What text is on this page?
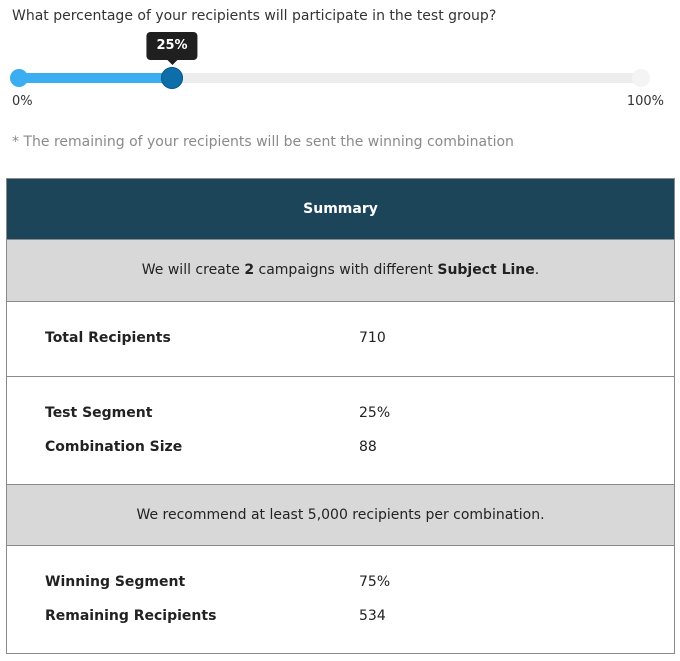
What percentage of your recipients will participate in the test group?
25%
0%	100%
* The remaining of your recipients will be sent the winning combination
Summary
We will create 2 campaigns with different Subject Line.
Total Recipients	710
Test Segment	25%
Combination Size	88
We recommend at least 5,000 recipients per combination.
Winning Segment	75%
Remaining Recipients	534
